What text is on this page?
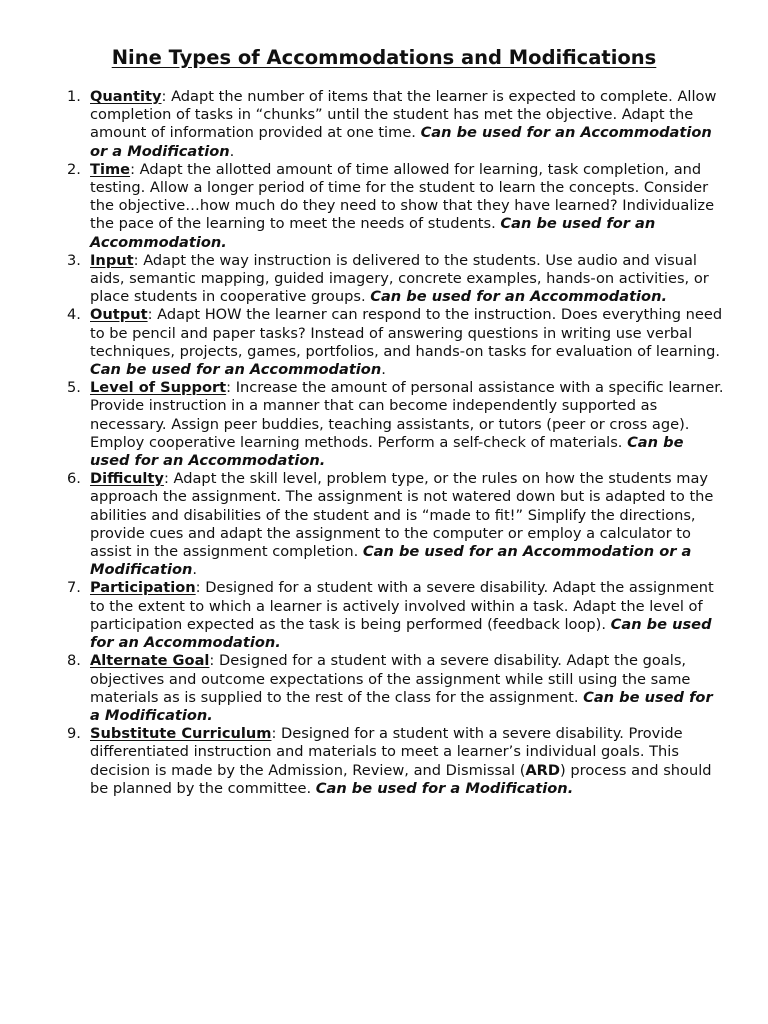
Nine Types of Accommodations and Modifications
1. Quantity: Adapt the number of items that the learner is expected to complete. Allow completion of tasks in “chunks” until the student has met the objective. Adapt the amount of information provided at one time. Can be used for an Accommodation or a Modification.
2. Time: Adapt the allotted amount of time allowed for learning, task completion, and testing. Allow a longer period of time for the student to learn the concepts. Consider the objective…how much do they need to show that they have learned? Individualize the pace of the learning to meet the needs of students. Can be used for an Accommodation.
3. Input: Adapt the way instruction is delivered to the students. Use audio and visual aids, semantic mapping, guided imagery, concrete examples, hands-on activities, or place students in cooperative groups. Can be used for an Accommodation.
4. Output: Adapt HOW the learner can respond to the instruction. Does everything need to be pencil and paper tasks? Instead of answering questions in writing use verbal techniques, projects, games, portfolios, and hands-on tasks for evaluation of learning. Can be used for an Accommodation.
5. Level of Support: Increase the amount of personal assistance with a specific learner. Provide instruction in a manner that can become independently supported as necessary. Assign peer buddies, teaching assistants, or tutors (peer or cross age). Employ cooperative learning methods. Perform a self-check of materials. Can be used for an Accommodation.
6. Difficulty: Adapt the skill level, problem type, or the rules on how the students may approach the assignment. The assignment is not watered down but is adapted to the abilities and disabilities of the student and is “made to fit!” Simplify the directions, provide cues and adapt the assignment to the computer or employ a calculator to assist in the assignment completion. Can be used for an Accommodation or a Modification.
7. Participation: Designed for a student with a severe disability. Adapt the assignment to the extent to which a learner is actively involved within a task. Adapt the level of participation expected as the task is being performed (feedback loop). Can be used for an Accommodation.
8. Alternate Goal: Designed for a student with a severe disability. Adapt the goals, objectives and outcome expectations of the assignment while still using the same materials as is supplied to the rest of the class for the assignment. Can be used for a Modification.
9. Substitute Curriculum: Designed for a student with a severe disability. Provide differentiated instruction and materials to meet a learner’s individual goals. This decision is made by the Admission, Review, and Dismissal (ARD) process and should be planned by the committee. Can be used for a Modification.
